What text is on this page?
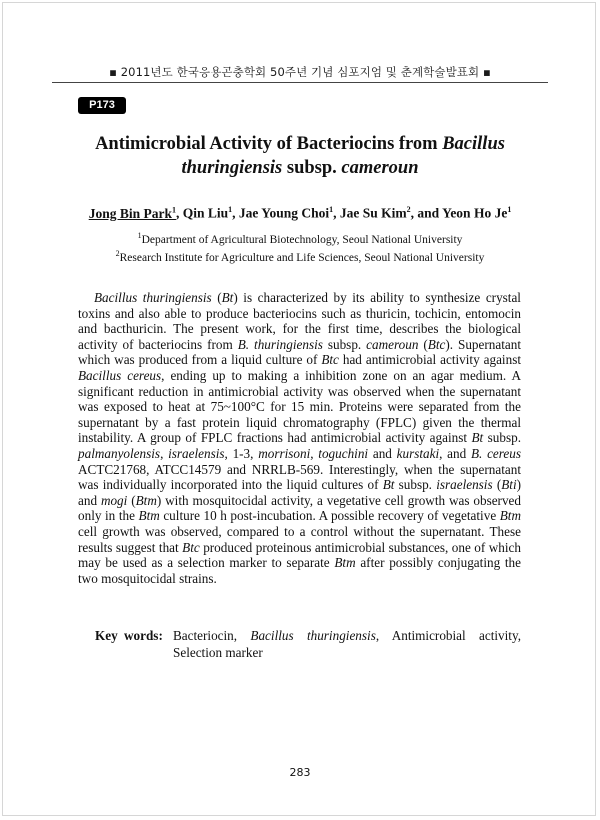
▪ 2011년도 한국응용곤충학회 50주년 기념 심포지엄 및 춘계학술발표회 ▪
P173
Antimicrobial Activity of Bacteriocins from Bacillus
thuringiensis subsp. cameroun
Jong Bin Park$^1$, Qin Liu$^1$, Jae Young Choi$^1$, Jae Su Kim$^2$, and Yeon Ho Je$^1$
$^1$Department of Agricultural Biotechnology, Seoul National University
$^2$Research Institute for Agriculture and Life Sciences, Seoul National University

Bacillus thuringiensis (Bt) is characterized by its ability to synthesize crystal toxins and also able to produce bacteriocins such as thuricin, tochicin, entomocin and bacthuricin. The present work, for the first time, describes the biological activity of bacteriocins from B. thuringiensis subsp. cameroun (Btc). Supernatant which was produced from a liquid culture of Btc had antimicrobial activity against Bacillus cereus, ending up to making a inhibition zone on an agar medium. A significant reduction in antimicrobial activity was observed when the supernatant was exposed to heat at 75~100°C for 15 min. Proteins were separated from the supernatant by a fast protein liquid chromatography (FPLC) given the thermal instability. A group of FPLC fractions had antimicrobial activity against Bt subsp. palmanyolensis, israelensis, 1-3, morrisoni, toguchini and kurstaki, and B. cereus ACTC21768, ATCC14579 and NRRLB-569. Interestingly, when the supernatant was individually incorporated into the liquid cultures of Bt subsp. israelensis (Bti) and mogi (Btm) with mosquitocidal activity, a vegetative cell growth was observed only in the Btm culture 10 h post-incubation. A possible recovery of vegetative Btm cell growth was observed, compared to a control without the supernatant. These results suggest that Btc produced proteinous antimicrobial substances, one of which may be used as a selection marker to separate Btm after possibly conjugating the two mosquitocidal strains.

Key words: Bacteriocin, Bacillus thuringiensis, Antimicrobial activity, Selection marker
283
